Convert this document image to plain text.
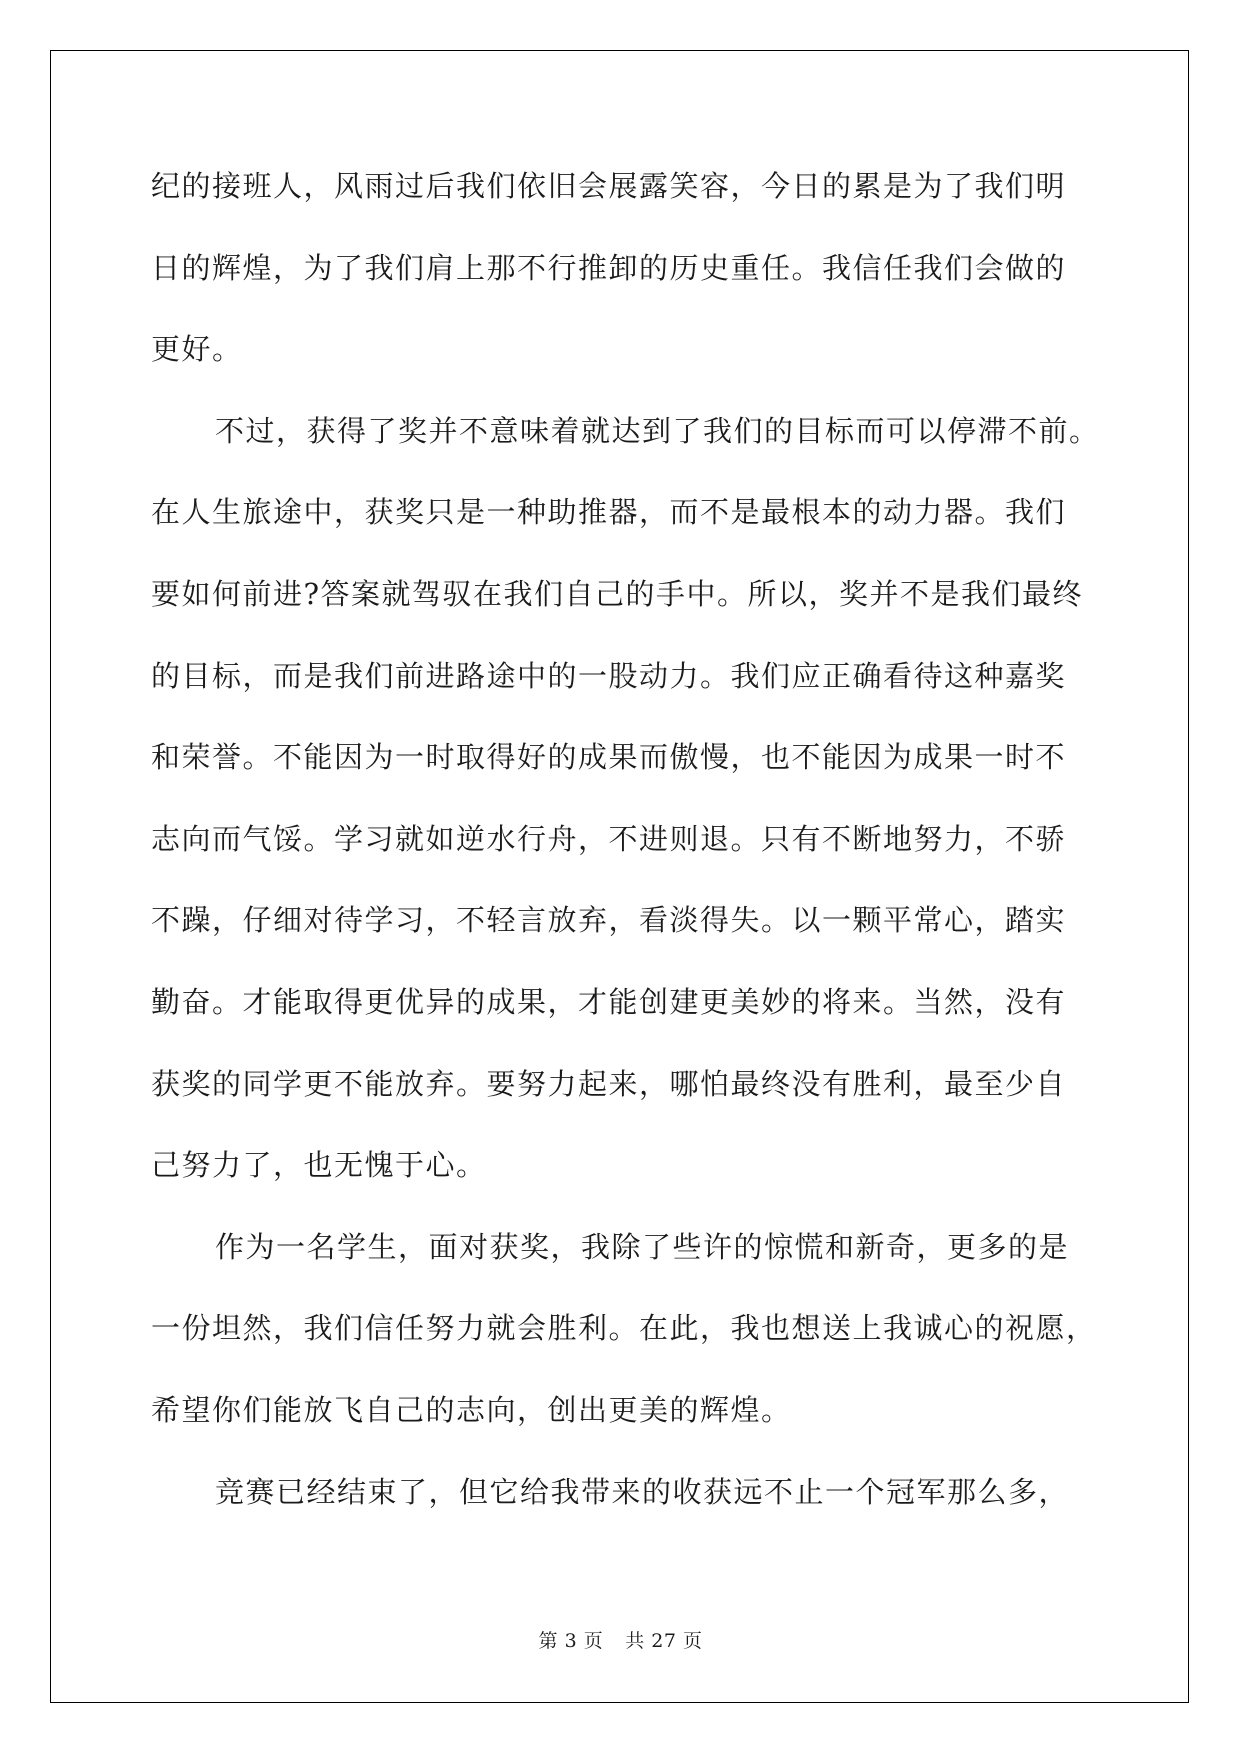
纪的接班人，风雨过后我们依旧会展露笑容，今日的累是为了我们明
日的辉煌，为了我们肩上那不行推卸的历史重任。我信任我们会做的
更好。
不过，获得了奖并不意味着就达到了我们的目标而可以停滞不前。
在人生旅途中，获奖只是一种助推器，而不是最根本的动力器。我们
要如何前进?答案就驾驭在我们自己的手中。所以，奖并不是我们最终
的目标，而是我们前进路途中的一股动力。我们应正确看待这种嘉奖
和荣誉。不能因为一时取得好的成果而傲慢，也不能因为成果一时不
志向而气馁。学习就如逆水行舟，不进则退。只有不断地努力，不骄
不躁，仔细对待学习，不轻言放弃，看淡得失。以一颗平常心，踏实
勤奋。才能取得更优异的成果，才能创建更美妙的将来。当然，没有
获奖的同学更不能放弃。要努力起来，哪怕最终没有胜利，最至少自
己努力了，也无愧于心。
作为一名学生，面对获奖，我除了些许的惊慌和新奇，更多的是
一份坦然，我们信任努力就会胜利。在此，我也想送上我诚心的祝愿，
希望你们能放飞自己的志向，创出更美的辉煌。
竞赛已经结束了，但它给我带来的收获远不止一个冠军那么多，
第 3 页 共 27 页
